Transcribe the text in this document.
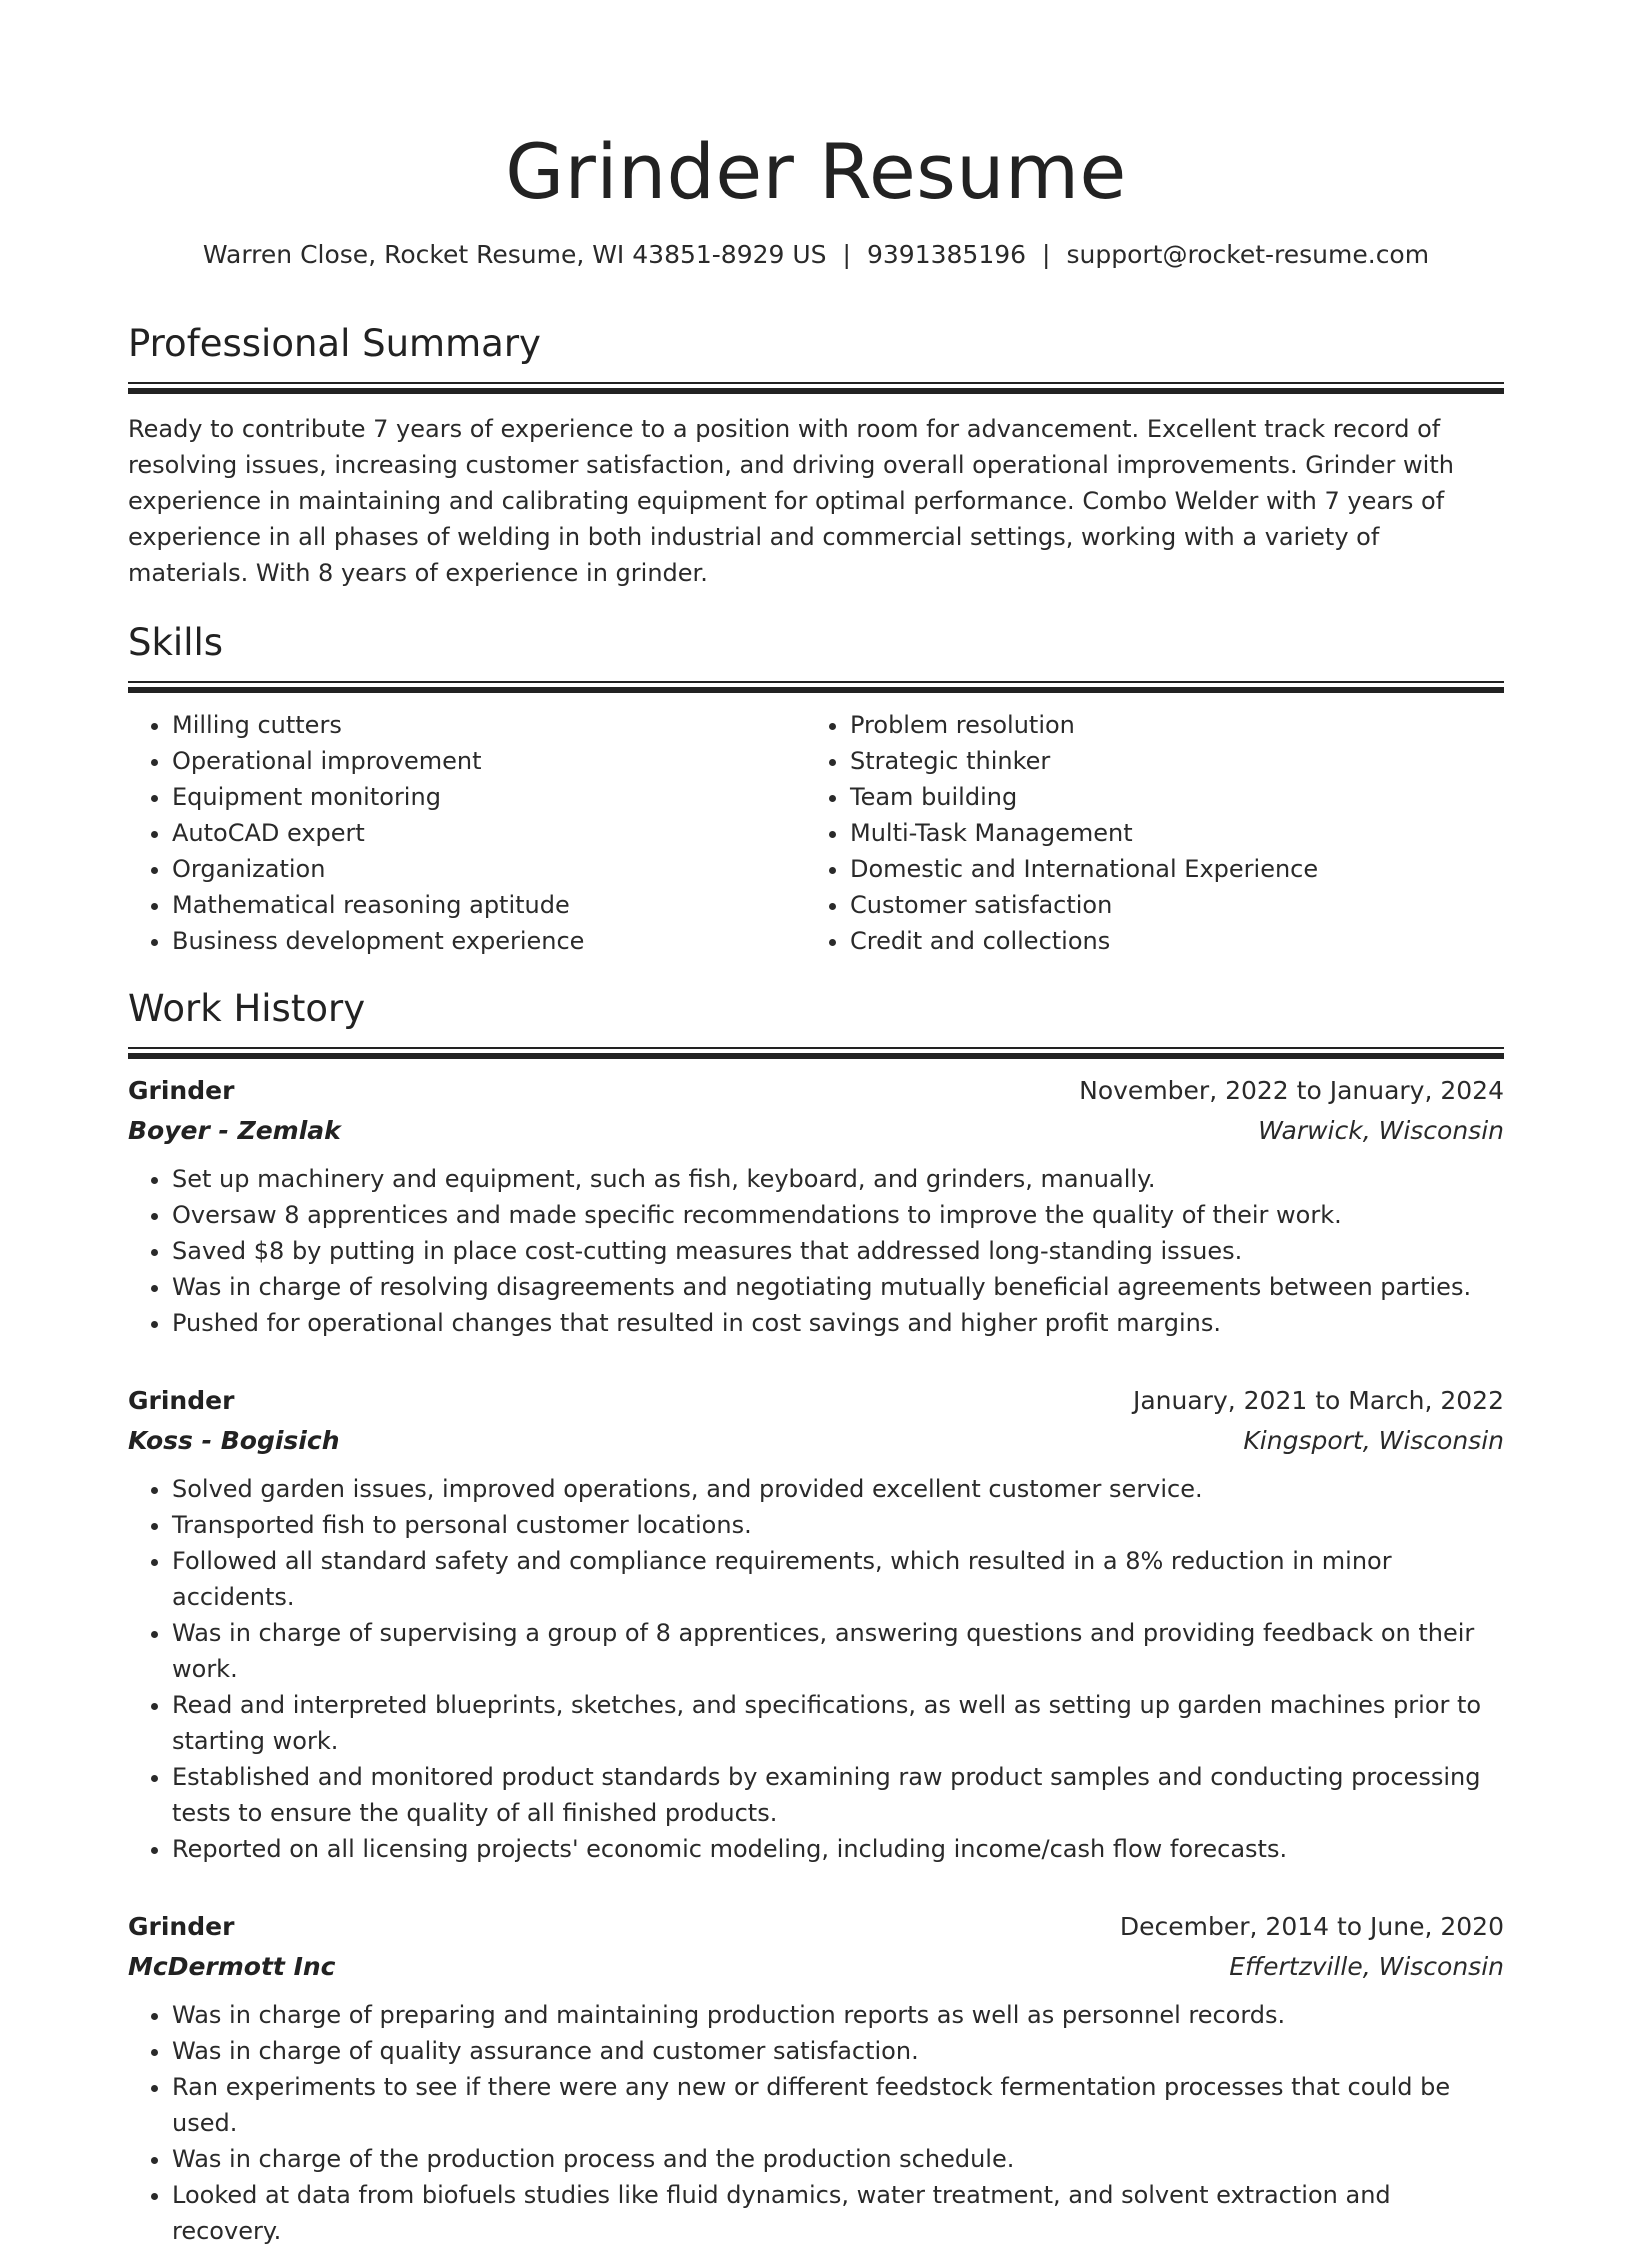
Grinder Resume
Warren Close, Rocket Resume, WI 43851-8929 US | 9391385196 | support@rocket-resume.com
Professional Summary

Ready to contribute 7 years of experience to a position with room for advancement. Excellent track record of resolving issues, increasing customer satisfaction, and driving overall operational improvements. Grinder with experience in maintaining and calibrating equipment for optimal performance. Combo Welder with 7 years of experience in all phases of welding in both industrial and commercial settings, working with a variety of materials. With 8 years of experience in grinder.

Skills
• Milling cutters
• Operational improvement
• Equipment monitoring
• AutoCAD expert
• Organization
• Mathematical reasoning aptitude
• Business development experience
• Problem resolution
• Strategic thinker
• Team building
• Multi-Task Management
• Domestic and International Experience
• Customer satisfaction
• Credit and collections
Work History
Grinder	November, 2022 to January, 2024
Boyer - Zemlak	Warwick, Wisconsin
• Set up machinery and equipment, such as fish, keyboard, and grinders, manually.
• Oversaw 8 apprentices and made specific recommendations to improve the quality of their work.
• Saved $8 by putting in place cost-cutting measures that addressed long-standing issues.
• Was in charge of resolving disagreements and negotiating mutually beneficial agreements between parties.
• Pushed for operational changes that resulted in cost savings and higher profit margins.
Grinder	January, 2021 to March, 2022
Koss - Bogisich	Kingsport, Wisconsin
• Solved garden issues, improved operations, and provided excellent customer service.
• Transported fish to personal customer locations.
• Followed all standard safety and compliance requirements, which resulted in a 8% reduction in minor accidents.
• Was in charge of supervising a group of 8 apprentices, answering questions and providing feedback on their work.
• Read and interpreted blueprints, sketches, and specifications, as well as setting up garden machines prior to starting work.
• Established and monitored product standards by examining raw product samples and conducting processing tests to ensure the quality of all finished products.
• Reported on all licensing projects' economic modeling, including income/cash flow forecasts.
Grinder	December, 2014 to June, 2020
McDermott Inc	Effertzville, Wisconsin
• Was in charge of preparing and maintaining production reports as well as personnel records.
• Was in charge of quality assurance and customer satisfaction.
• Ran experiments to see if there were any new or different feedstock fermentation processes that could be used.
• Was in charge of the production process and the production schedule.
• Looked at data from biofuels studies like fluid dynamics, water treatment, and solvent extraction and recovery.
